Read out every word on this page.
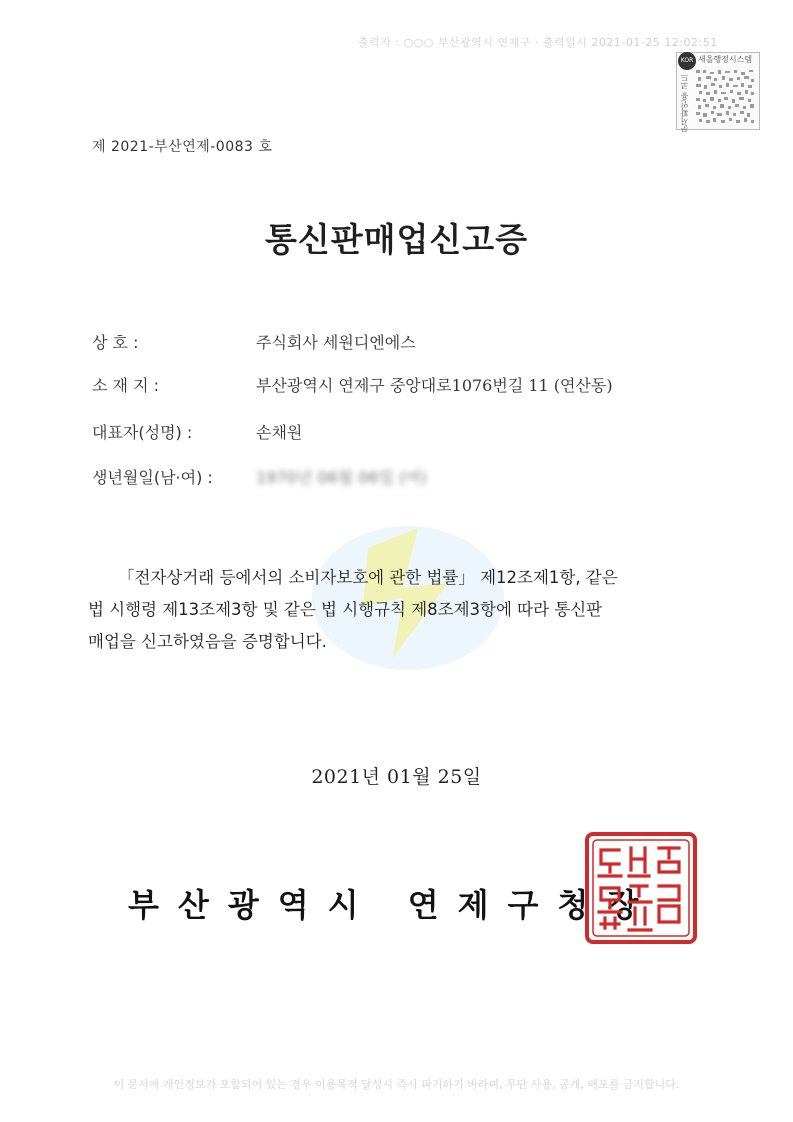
출력자 : ○○○ 부산광역시 연제구 · 출력일시 2021-01-25 12:02:51
KOR 새올행정시스템
문서확인용 코드
제 2021-부산연제-0083 호
통신판매업신고증
상 호 :	주식회사 세원디엔에스
소 재 지 :	부산광역시 연제구 중앙대로1076번길 11 (연산동)
대표자(성명) :	손채원
생년월일(남·여) :	1970년 06월 06일 (여)
「전자상거래 등에서의 소비자보호에 관한 법률」 제12조제1항, 같은
법 시행령 제13조제3항 및 같은 법 시행규칙 제8조제3항에 따라 통신판
매업을 신고하였음을 증명합니다.
2021년 01월 25일
부산광역시 연제구청장
이 문서에 개인정보가 포함되어 있는 경우 이용목적 달성시 즉시 파기하기 바라며, 무단 사용, 공개, 배포를 금지합니다.
